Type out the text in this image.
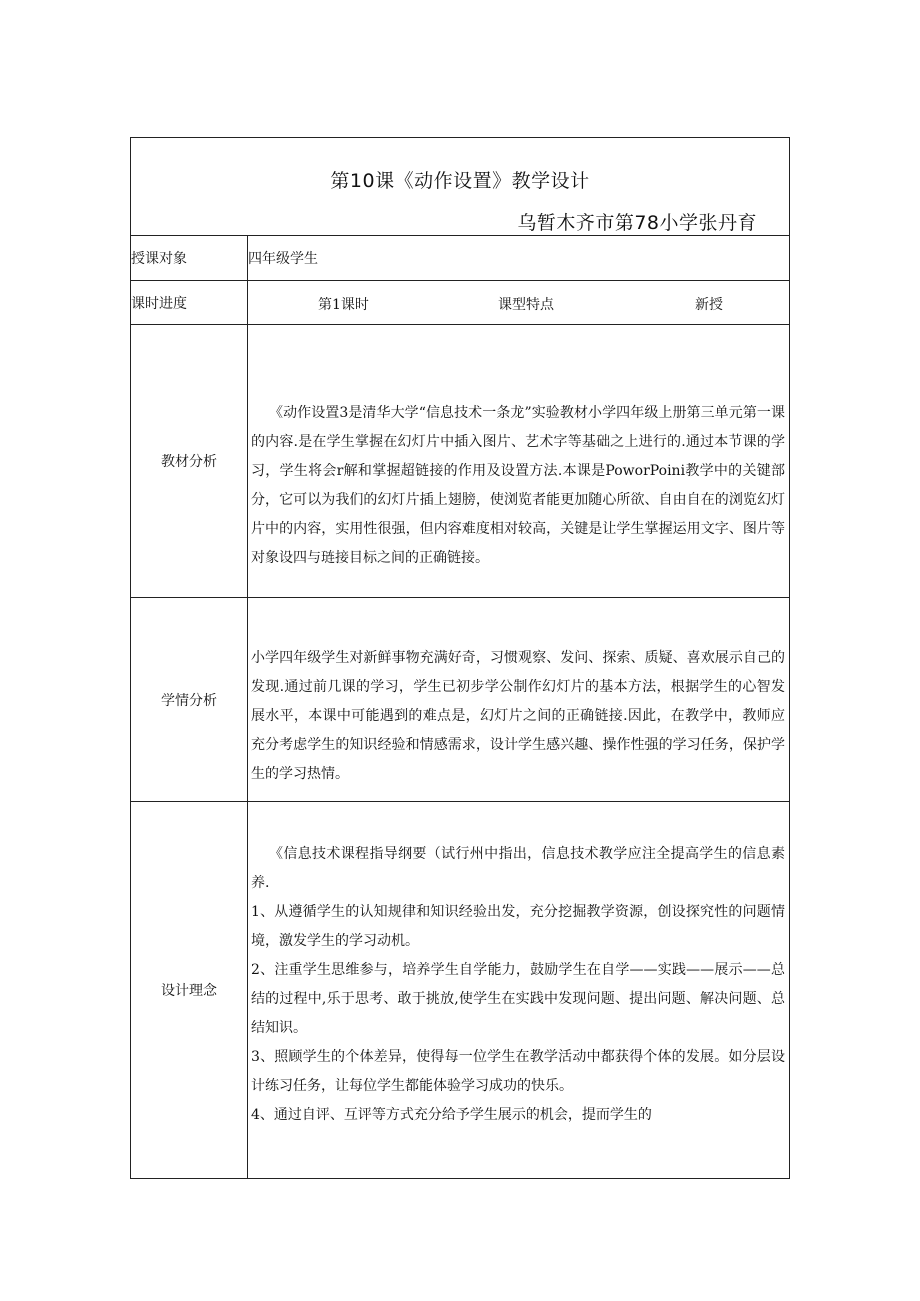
第10课《动作设置》教学设计
乌暂木齐市第78小学张丹育	

授课对象	四年级学生
课时进度	第1课时 课型特点 新授

教材分析	《动作设置3是清华大学“信息技术一条龙”实验教材小学四年级上册第三单元第一课的内容.是在学生掌握在幻灯片中插入图片、艺术字等基础之上进行的.通过本节课的学习，学生将会r解和掌握超链接的作用及设置方法.本课是PoworPoini教学中的关键部分，它可以为我们的幻灯片插上翅膀，使浏览者能更加随心所欲、自由自在的浏览幻灯片中的内容，实用性很强，但内容难度相对较高，关键是让学生掌握运用文字、图片等对象设四与琏接目标之间的正确链接。

学情分析	小学四年级学生对新鲜事物充满好奇，习惯观察、发问、探索、质疑、喜欢展示自己的发现.通过前几课的学习，学生已初步学公制作幻灯片的基本方法，根据学生的心智发展水平，本课中可能遇到的难点是，幻灯片之间的正确链接.因此，在教学中，教师应充分考虑学生的知识经验和情感需求，设计学生感兴趣、操作性强的学习任务，保护学生的学习热情。

设计理念	《信息技术课程指导纲要（试行州中指出，信息技术教学应注全提高学生的信息素养.

1、从遵循学生的认知规律和知识经验出发，充分挖掘教学资源，创设探究性的问题情境，激发学生的学习动机。

2、注重学生思维参与，培养学生自学能力，鼓励学生在自学——实践——展示——总结的过程中,乐于思考、敢于挑放,使学生在实践中发现问题、提出问题、解决问题、总结知识。

3、照顾学生的个体差异，使得每一位学生在教学活动中都获得个体的发展。如分层设计练习任务，让每位学生都能体验学习成功的快乐。

4、通过自评、互评等方式充分给予学生展示的机会，提而学生的
